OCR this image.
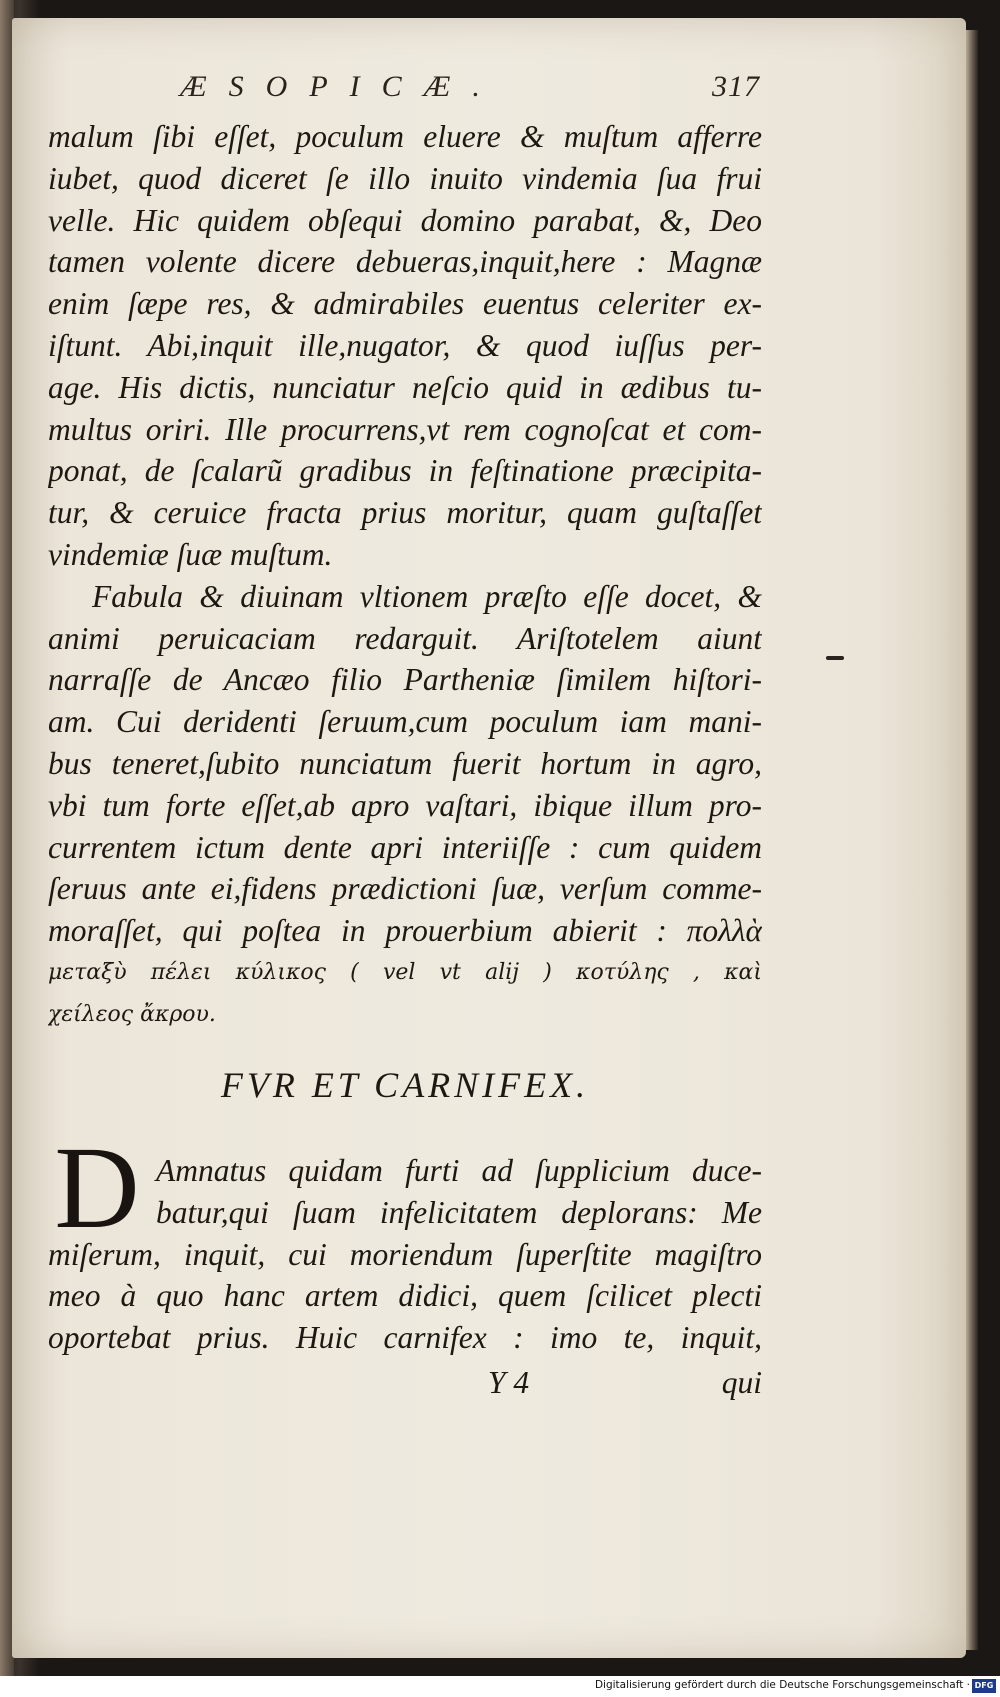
ÆSOPICÆ.	317
malum ſibi eſſet, poculum eluere & muſtum afferre
iubet, quod diceret ſe illo inuito vindemia ſua frui
velle. Hic quidem obſequi domino parabat, &, Deo
tamen volente dicere debueras,inquit,here : Magnæ
enim ſæpe res, & admirabiles euentus celeriter ex-
iſtunt. Abi,inquit ille,nugator, & quod iuſſus per-
age. His dictis, nunciatur neſcio quid in ædibus tu-
multus oriri. Ille procurrens,vt rem cognoſcat et com-
ponat, de ſcalarũ gradibus in feſtinatione præcipita-
tur, & ceruice fracta prius moritur, quam guſtaſſet
vindemiæ ſuæ muſtum.
Fabula & diuinam vltionem præſto eſſe docet, &
animi peruicaciam redarguit. Ariſtotelem aiunt
narraſſe de Ancæo filio Partheniæ ſimilem hiſtori-
am. Cui deridenti ſeruum,cum poculum iam mani-
bus teneret,ſubito nunciatum fuerit hortum in agro,
vbi tum forte eſſet,ab apro vaſtari, ibique illum pro-
currentem ictum dente apri interiiſſe : cum quidem
ſeruus ante ei,fidens prædictioni ſuæ, verſum comme-
moraſſet, qui poſtea in prouerbium abierit : πολλὰ
μεταξὺ πέλει κύλικος ( vel vt alij ) κοτύλης , καὶ
χείλεος ἄκρου.
FVR ET CARNIFEX.
D Amnatus quidam furti ad ſupplicium duce-
batur,qui ſuam infelicitatem deplorans: Me
miſerum, inquit, cui moriendum ſuperſtite magiſtro
meo à quo hanc artem didici, quem ſcilicet plecti
oportebat prius. Huic carnifex : imo te, inquit,
Y 4	qui
Digitalisierung gefördert durch die Deutsche Forschungsgemeinschaft · DFG
